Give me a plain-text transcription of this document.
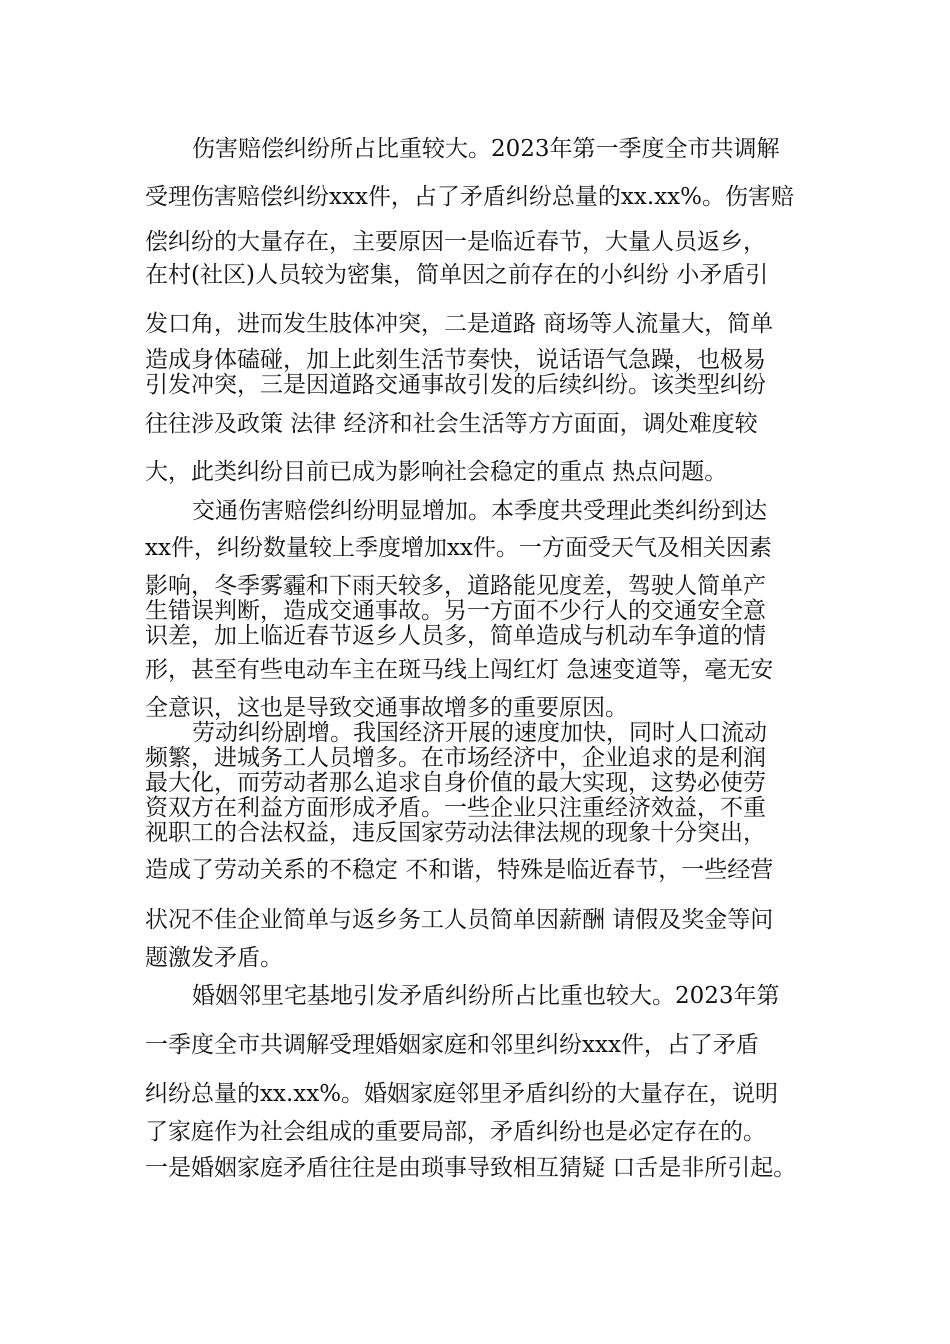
伤害赔偿纠纷所占比重较大。2023年第一季度全市共调解
受理伤害赔偿纠纷xxx件，占了矛盾纠纷总量的xx.xx%。伤害赔
偿纠纷的大量存在，主要原因一是临近春节，大量人员返乡，
在村(社区)人员较为密集，简单因之前存在的小纠纷 小矛盾引
发口角，进而发生肢体冲突，二是道路 商场等人流量大，简单
造成身体磕碰，加上此刻生活节奏快，说话语气急躁，也极易
引发冲突，三是因道路交通事故引发的后续纠纷。该类型纠纷
往往涉及政策 法律 经济和社会生活等方方面面，调处难度较
大，此类纠纷目前已成为影响社会稳定的重点 热点问题。
交通伤害赔偿纠纷明显增加。本季度共受理此类纠纷到达
xx件，纠纷数量较上季度增加xx件。一方面受天气及相关因素
影响，冬季雾霾和下雨天较多，道路能见度差，驾驶人简单产
生错误判断，造成交通事故。另一方面不少行人的交通安全意
识差，加上临近春节返乡人员多，简单造成与机动车争道的情
形，甚至有些电动车主在斑马线上闯红灯 急速变道等，毫无安
全意识，这也是导致交通事故增多的重要原因。
劳动纠纷剧增。我国经济开展的速度加快，同时人口流动
频繁，进城务工人员增多。在市场经济中，企业追求的是利润
最大化，而劳动者那么追求自身价值的最大实现，这势必使劳
资双方在利益方面形成矛盾。一些企业只注重经济效益，不重
视职工的合法权益，违反国家劳动法律法规的现象十分突出，
造成了劳动关系的不稳定 不和谐，特殊是临近春节，一些经营
状况不佳企业简单与返乡务工人员简单因薪酬 请假及奖金等问
题激发矛盾。
婚姻邻里宅基地引发矛盾纠纷所占比重也较大。2023年第
一季度全市共调解受理婚姻家庭和邻里纠纷xxx件，占了矛盾
纠纷总量的xx.xx%。婚姻家庭邻里矛盾纠纷的大量存在，说明
了家庭作为社会组成的重要局部，矛盾纠纷也是必定存在的。
一是婚姻家庭矛盾往往是由琐事导致相互猜疑 口舌是非所引起。
